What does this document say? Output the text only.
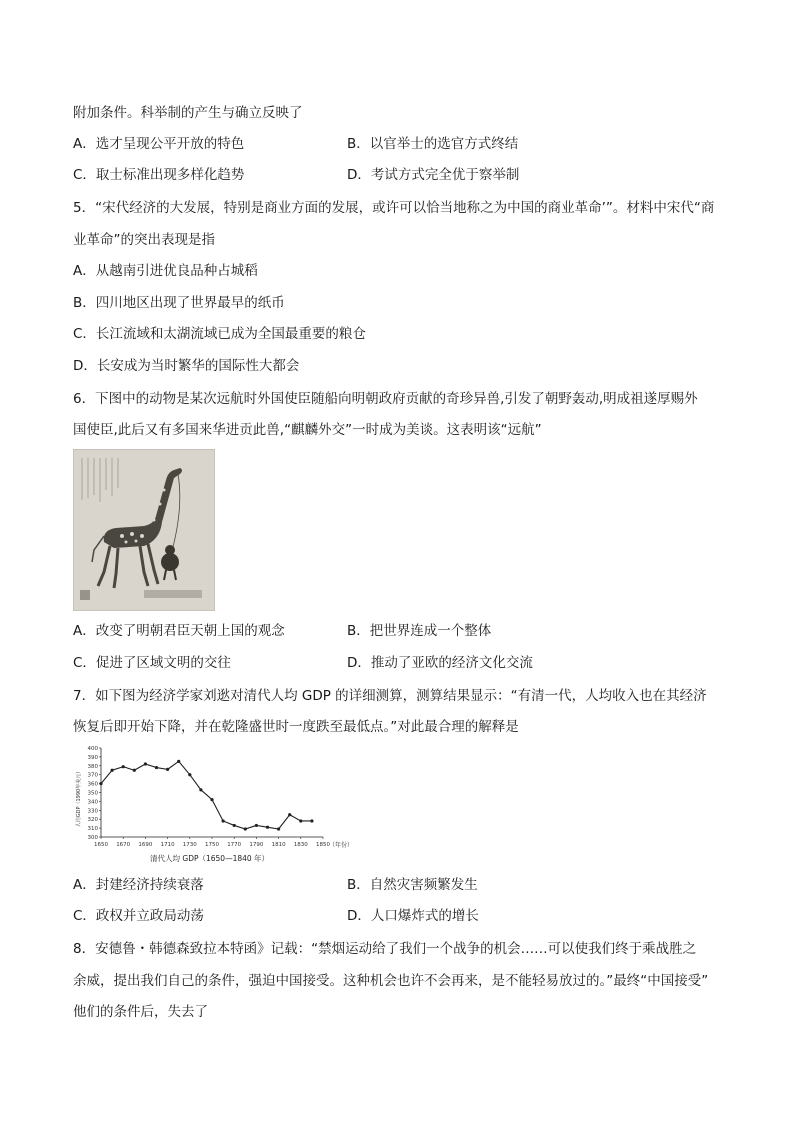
附加条件。科举制的产生与确立反映了
A．选才呈现公平开放的特色	B．以官举士的选官方式终结
C．取士标准出现多样化趋势	D．考试方式完全优于察举制
5．“宋代经济的大发展，特别是商业方面的发展，或许可以恰当地称之为中国的商业革命’”。材料中宋代“商
业革命”的突出表现是指
A．从越南引进优良品种占城稻
B．四川地区出现了世界最早的纸币
C．长江流域和太湖流域已成为全国最重要的粮仓
D．长安成为当时繁华的国际性大都会
6．下图中的动物是某次远航时外国使臣随船向明朝政府贡献的奇珍异兽,引发了朝野轰动,明成祖遂厚赐外
国使臣,此后又有多国来华进贡此兽,“麒麟外交”一时成为美谈。这表明该“远航”
A．改变了明朝君臣天朝上国的观念	B．把世界连成一个整体
C．促进了区域文明的交往	D．推动了亚欧的经济文化交流
7．如下图为经济学家刘逖对清代人均 GDP 的详细测算，测算结果显示：“有清一代，人均收入也在其经济
恢复后即开始下降，并在乾隆盛世时一度跌至最低点。”对此最合理的解释是
300
310
320
330
340
350
360
370
380
390
400
1650 1670 1690 1710 1730 1750 1770 1790 1810 1830 1850
人均GDP（1990年美元）
（年份）
清代人均 GDP（1650—1840 年）
A．封建经济持续衰落	B．自然灾害频繁发生
C．政权并立政局动荡	D．人口爆炸式的增长
8．安德鲁・韩德森致拉本特函》记载：“禁烟运动给了我们一个战争的机会……可以使我们终于乘战胜之
余威，提出我们自己的条件，强迫中国接受。这种机会也许不会再来，是不能轻易放过的。”最终“中国接受”
他们的条件后，失去了
